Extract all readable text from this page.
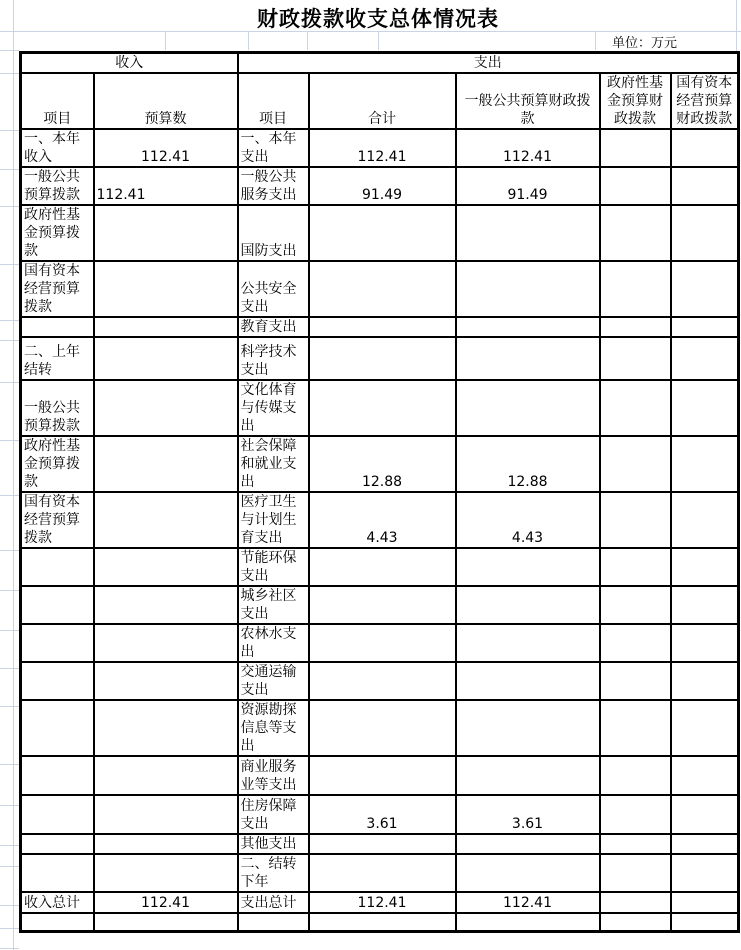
财政拨款收支总体情况表
单位：万元
收入		支出				
项目	预算数	项目	合计	一般公共预算财政拨款	政府性基金预算财政拨款	国有资本经营预算财政拨款
一、本年收入	112.41	一、本年支出	112.41	112.41		
一般公共预算拨款	112.41	一般公共服务支出	91.49	91.49		
政府性基金预算拨款		国防支出				
国有资本经营预算拨款		公共安全支出				
		教育支出				
二、上年结转		科学技术支出				
一般公共预算拨款		文化体育与传媒支出				
政府性基金预算拨款		社会保障和就业支出	12.88	12.88		
国有资本经营预算拨款		医疗卫生与计划生育支出	4.43	4.43		
		节能环保支出				
		城乡社区支出				
		农林水支出				
		交通运输支出				
		资源勘探信息等支出				
		商业服务业等支出				
		住房保障支出	3.61	3.61		
		其他支出				
		二、结转下年				
收入总计	112.41	支出总计	112.41	112.41		
